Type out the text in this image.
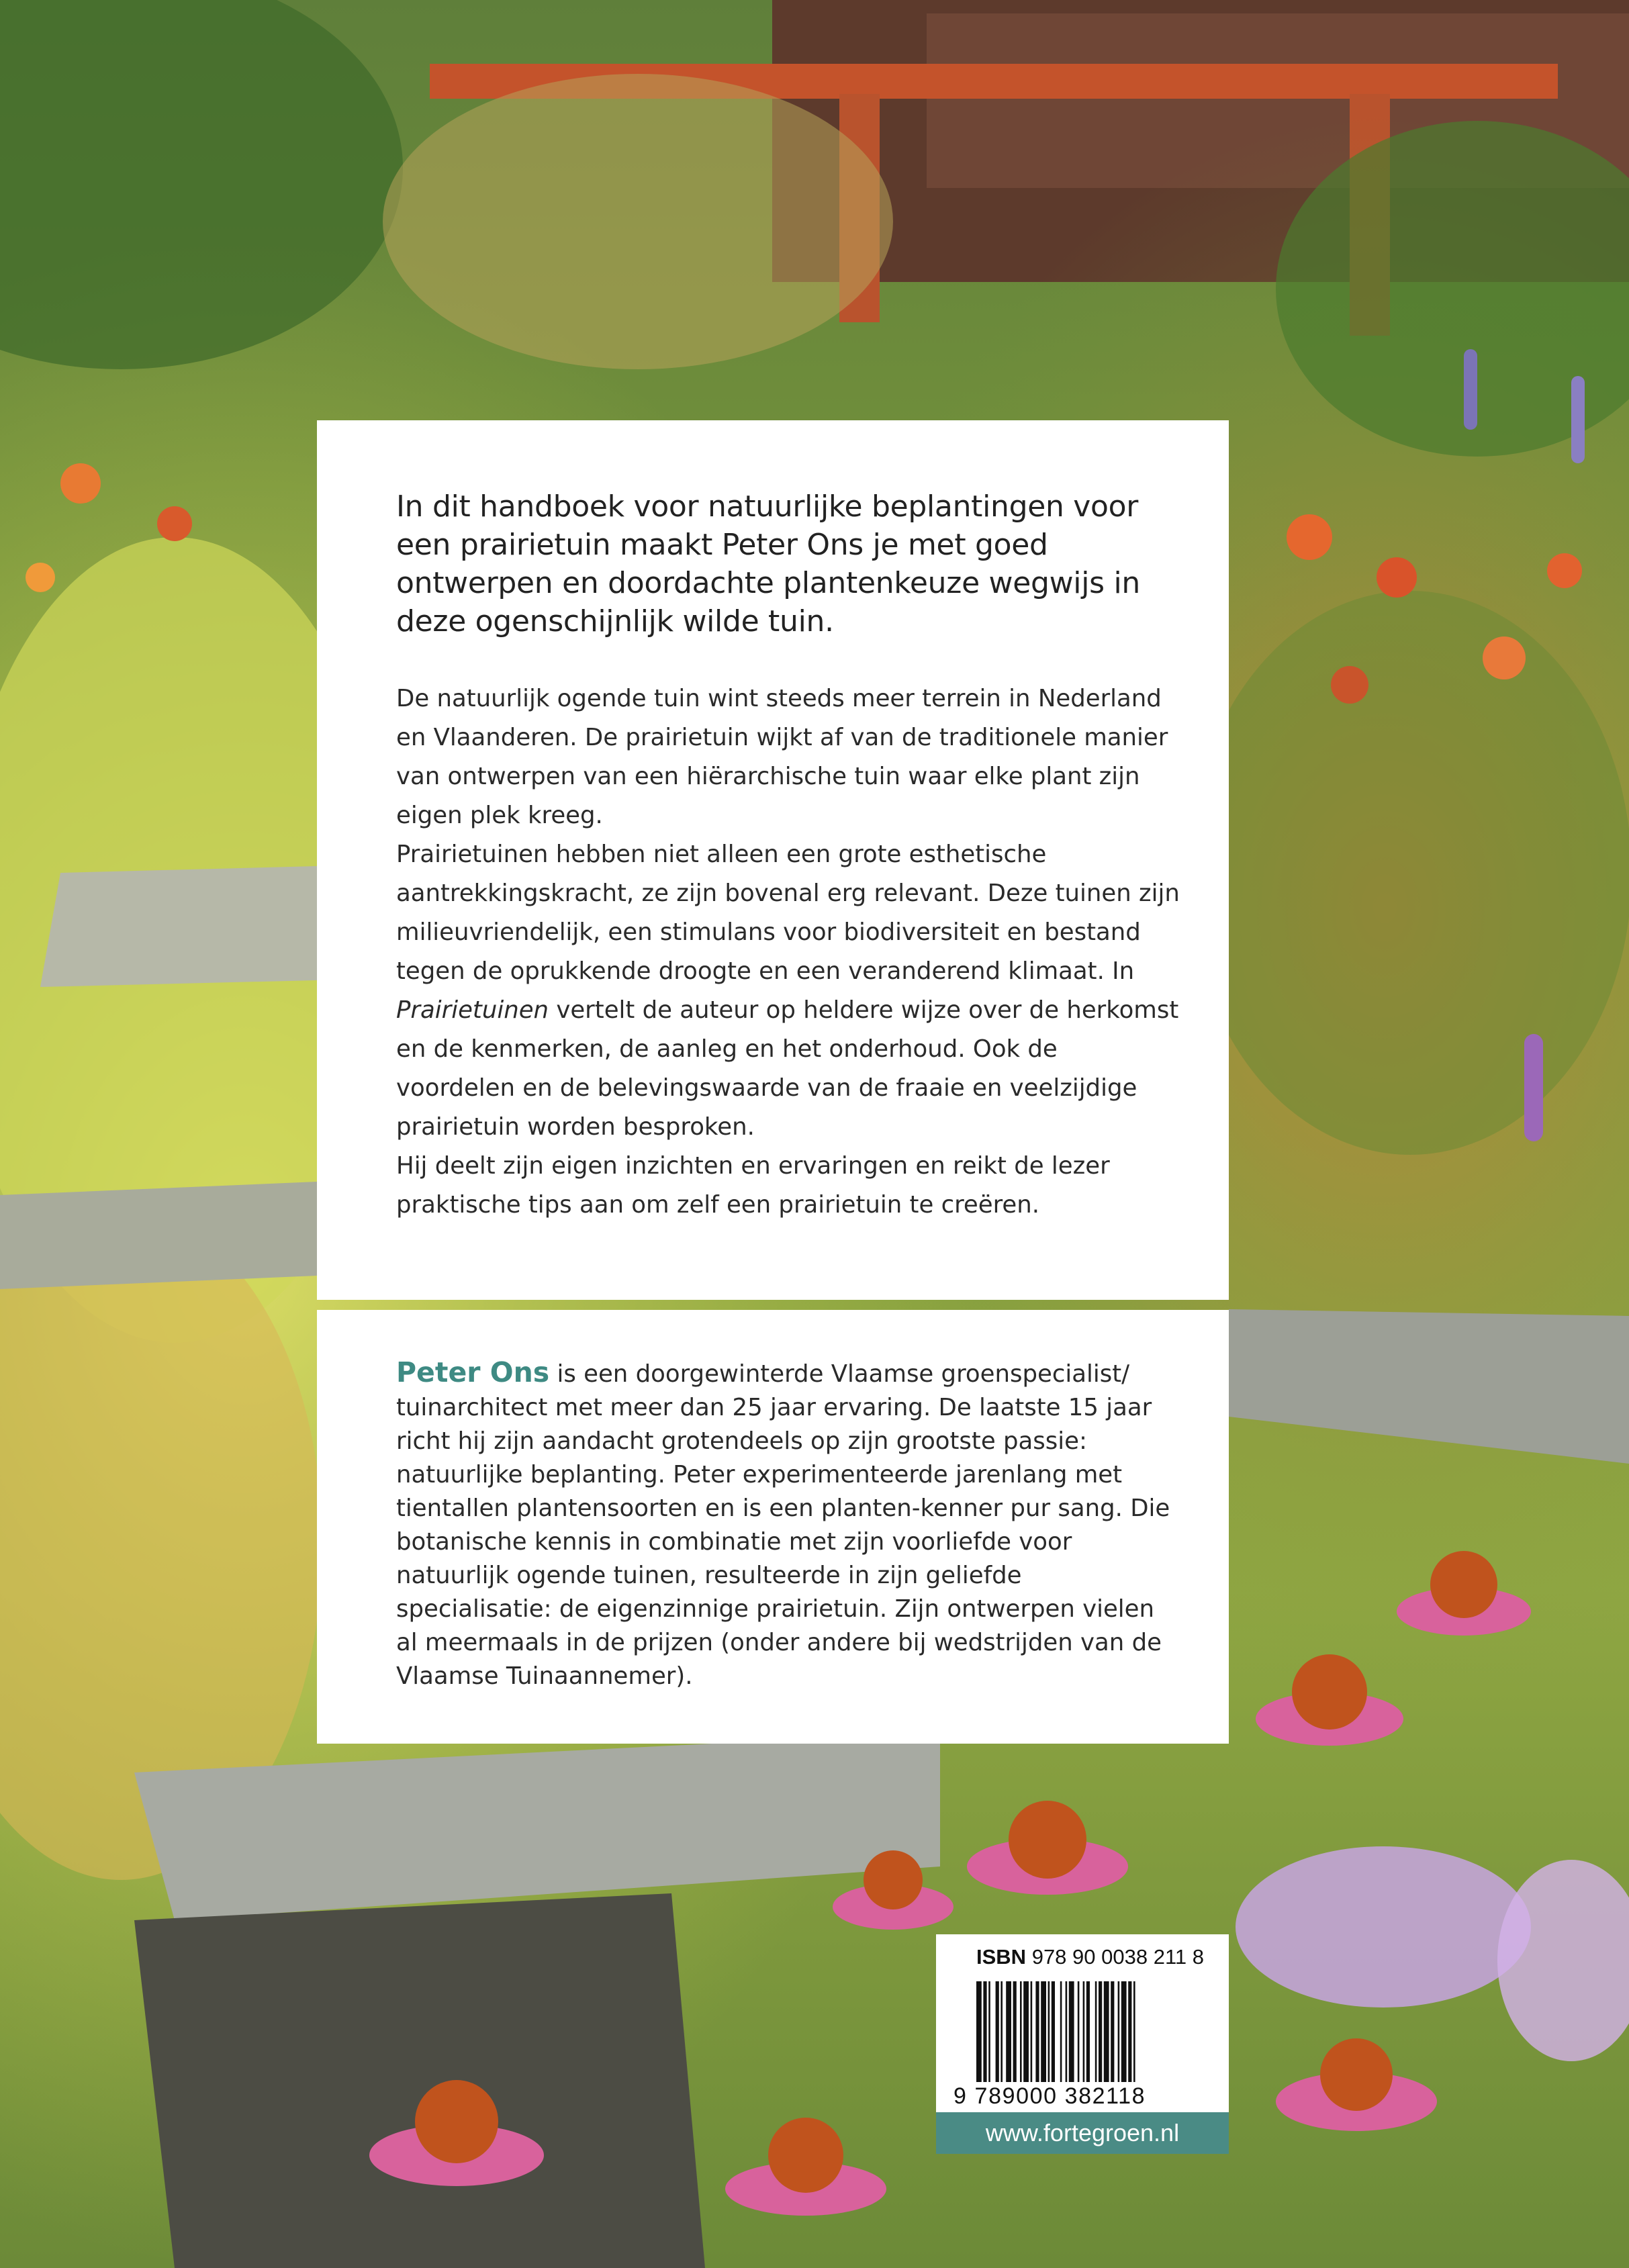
In dit handboek voor natuurlijke beplantingen voor een prairietuin maakt Peter Ons je met goed ontwerpen en doordachte plantenkeuze wegwijs in deze ogenschijnlijk wilde tuin.

De natuurlijk ogende tuin wint steeds meer terrein in Nederland en Vlaanderen. De prairietuin wijkt af van de traditionele manier van ontwerpen van een hiërarchische tuin waar elke plant zijn eigen plek kreeg.
Prairietuinen hebben niet alleen een grote esthetische aantrekkingskracht, ze zijn bovenal erg relevant. Deze tuinen zijn milieuvriendelijk, een stimulans voor biodiversiteit en bestand tegen de oprukkende droogte en een veranderend klimaat. In Prairietuinen vertelt de auteur op heldere wijze over de herkomst en de kenmerken, de aanleg en het onderhoud. Ook de voordelen en de belevingswaarde van de fraaie en veelzijdige prairietuin worden besproken.
Hij deelt zijn eigen inzichten en ervaringen en reikt de lezer praktische tips aan om zelf een prairietuin te creëren.

Peter Ons is een doorgewinterde Vlaamse groenspecialist/ tuinarchitect met meer dan 25 jaar ervaring. De laatste 15 jaar richt hij zijn aandacht grotendeels op zijn grootste passie: natuurlijke beplanting. Peter experimenteerde jarenlang met tientallen plantensoorten en is een planten-kenner pur sang. Die botanische kennis in combinatie met zijn voorliefde voor natuurlijk ogende tuinen, resulteerde in zijn geliefde specialisatie: de eigenzinnige prairietuin. Zijn ontwerpen vielen al meermaals in de prijzen (onder andere bij wedstrijden van de Vlaamse Tuinaannemer).

ISBN 978 90 0038 211 8
9 789000 382118
www.fortegroen.nl
